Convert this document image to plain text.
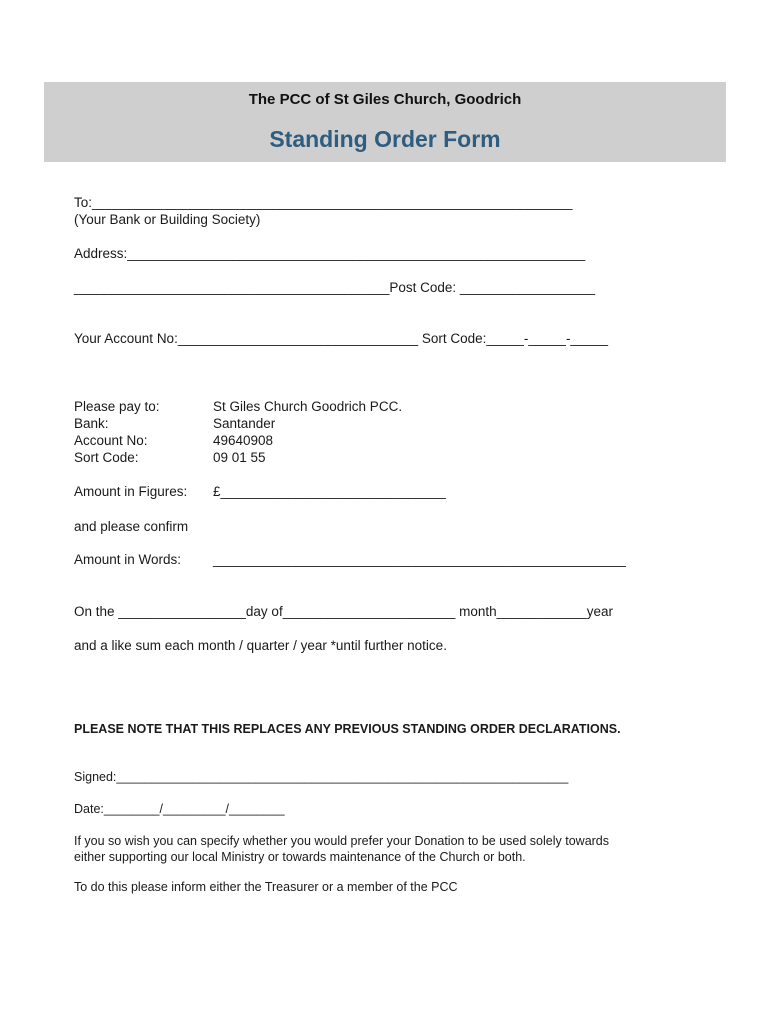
The PCC of St Giles Church, Goodrich
Standing Order Form
To:________________________________________________________________
(Your Bank or Building Society)
Address:_____________________________________________________________
__________________________________________Post Code: __________________
Your Account No:________________________________ Sort Code:_____-_____-_____
Please pay to:	St Giles Church Goodrich PCC.
Bank:	Santander
Account No:	49640908
Sort Code:	09 01 55
Amount in Figures: £______________________________
and please confirm
Amount in Words: _______________________________________________________
On the _________________day of_______________________ month____________year
and a like sum each month / quarter / year *until further notice.
PLEASE NOTE THAT THIS REPLACES ANY PREVIOUS STANDING ORDER DECLARATIONS.
Signed:_________________________________________________________________
Date:________/_________/________
If you so wish you can specify whether you would prefer your Donation to be used solely towards
either supporting our local Ministry or towards maintenance of the Church or both.
To do this please inform either the Treasurer or a member of the PCC
